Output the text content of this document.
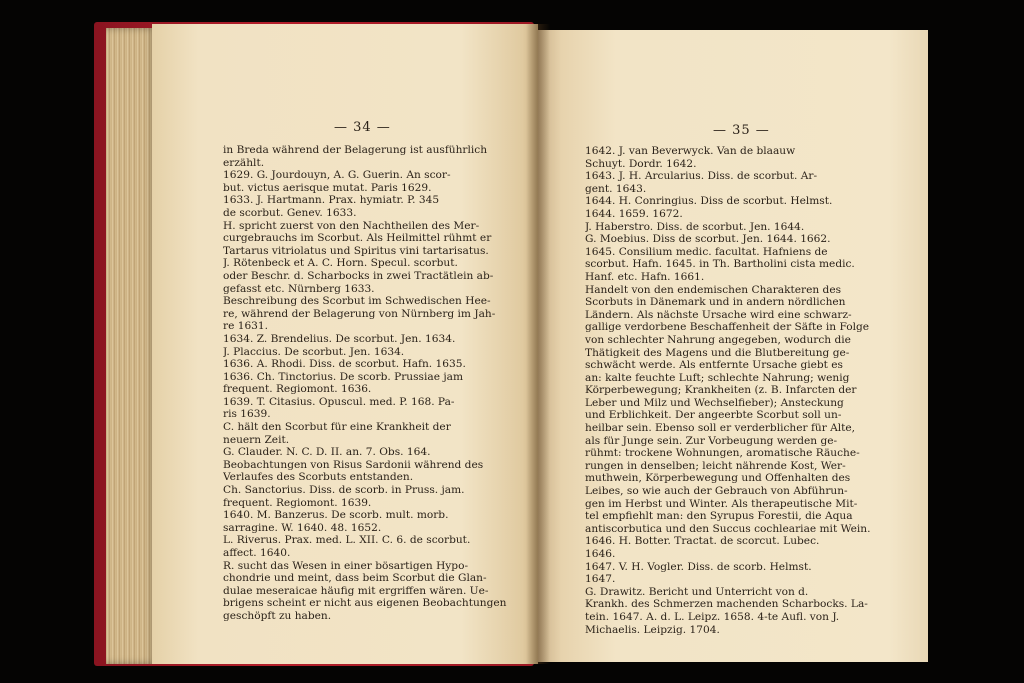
— 34 —
in Breda während der Belagerung ist ausführlich
erzählt.
1629. G. Jourdouyn, A. G. Guerin. An scor-
but. victus aerisque mutat. Paris 1629.
1633. J. Hartmann. Prax. hymiatr. P. 345
de scorbut. Genev. 1633.
H. spricht zuerst von den Nachtheilen des Mer-
curgebrauchs im Scorbut. Als Heilmittel rühmt er
Tartarus vitriolatus und Spiritus vini tartarisatus.
J. Rötenbeck et A. C. Horn. Specul. scorbut.
oder Beschr. d. Scharbocks in zwei Tractätlein ab-
gefasst etc. Nürnberg 1633.
Beschreibung des Scorbut im Schwedischen Hee-
re, während der Belagerung von Nürnberg im Jah-
re 1631.
1634. Z. Brendelius. De scorbut. Jen. 1634.
J. Placcius. De scorbut. Jen. 1634.
1636. A. Rhodi. Diss. de scorbut. Hafn. 1635.
1636. Ch. Tinctorius. De scorb. Prussiae jam
frequent. Regiomont. 1636.
1639. T. Citasius. Opuscul. med. P. 168. Pa-
ris 1639.
C. hält den Scorbut für eine Krankheit der
neuern Zeit.
G. Clauder. N. C. D. II. an. 7. Obs. 164.
Beobachtungen von Risus Sardonii während des
Verlaufes des Scorbuts entstanden.
Ch. Sanctorius. Diss. de scorb. in Pruss. jam.
frequent. Regiomont. 1639.
1640. M. Banzerus. De scorb. mult. morb.
sarragine. W. 1640. 48. 1652.
L. Riverus. Prax. med. L. XII. C. 6. de scorbut.
affect. 1640.
R. sucht das Wesen in einer bösartigen Hypo-
chondrie und meint, dass beim Scorbut die Glan-
dulae meseraicae häufig mit ergriffen wären. Ue-
brigens scheint er nicht aus eigenen Beobachtungen
geschöpft zu haben.
— 35 —
1642. J. van Beverwyck. Van de blaauw
Schuyt. Dordr. 1642.
1643. J. H. Arcularius. Diss. de scorbut. Ar-
gent. 1643.
1644. H. Conringius. Diss de scorbut. Helmst.
1644. 1659. 1672.
J. Haberstro. Diss. de scorbut. Jen. 1644.
G. Moebius. Diss de scorbut. Jen. 1644. 1662.
1645. Consilium medic. facultat. Hafniens de
scorbut. Hafn. 1645. in Th. Bartholini cista medic.
Hanf. etc. Hafn. 1661.
Handelt von den endemischen Charakteren des
Scorbuts in Dänemark und in andern nördlichen
Ländern. Als nächste Ursache wird eine schwarz-
gallige verdorbene Beschaffenheit der Säfte in Folge
von schlechter Nahrung angegeben, wodurch die
Thätigkeit des Magens und die Blutbereitung ge-
schwächt werde. Als entfernte Ursache giebt es
an: kalte feuchte Luft; schlechte Nahrung; wenig
Körperbewegung; Krankheiten (z. B. Infarcten der
Leber und Milz und Wechselfieber); Ansteckung
und Erblichkeit. Der angeerbte Scorbut soll un-
heilbar sein. Ebenso soll er verderblicher für Alte,
als für Junge sein. Zur Vorbeugung werden ge-
rühmt: trockene Wohnungen, aromatische Räuche-
rungen in denselben; leicht nährende Kost, Wer-
muthwein, Körperbewegung und Offenhalten des
Leibes, so wie auch der Gebrauch von Abführun-
gen im Herbst und Winter. Als therapeutische Mit-
tel empfiehlt man: den Syrupus Forestii, die Aqua
antiscorbutica und den Succus cochleariae mit Wein.
1646. H. Botter. Tractat. de scorcut. Lubec.
1646.
1647. V. H. Vogler. Diss. de scorb. Helmst.
1647.
G. Drawitz. Bericht und Unterricht von d.
Krankh. des Schmerzen machenden Scharbocks. La-
tein. 1647. A. d. L. Leipz. 1658. 4-te Aufl. von J.
Michaelis. Leipzig. 1704.
